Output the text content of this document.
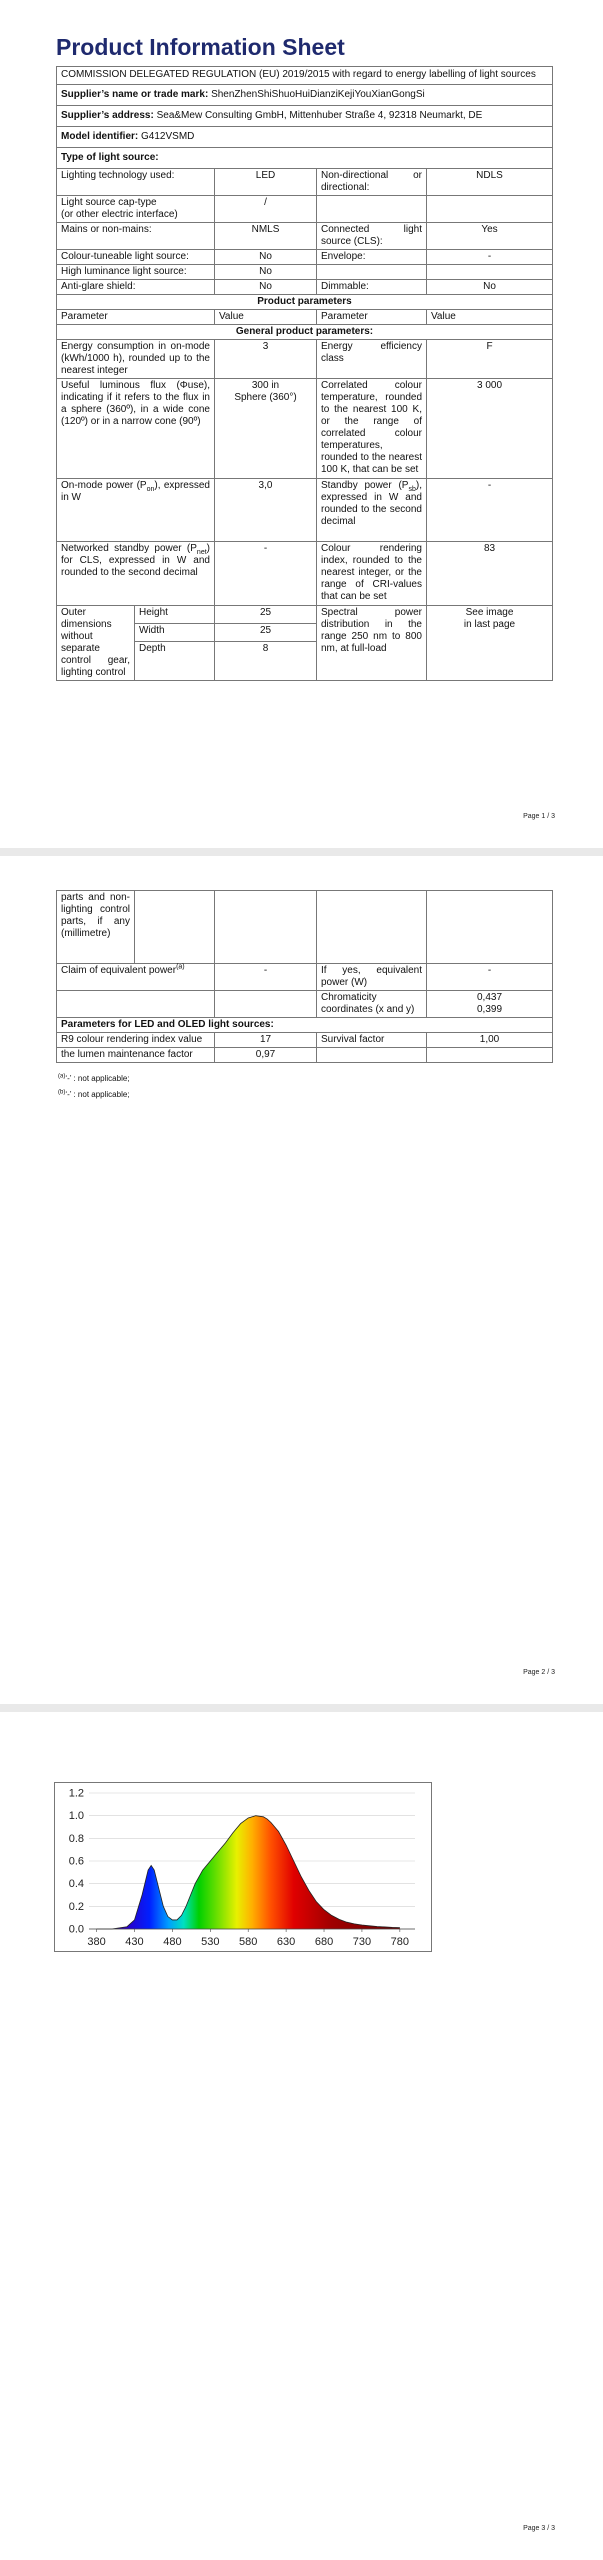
Product Information Sheet
COMMISSION DELEGATED REGULATION (EU) 2019/2015 with regard to energy labelling of light sources				
Supplier’s name or trade mark: ShenZhenShiShuoHuiDianziKejiYouXianGongSi				
Supplier’s address: Sea&Mew Consulting GmbH, Mittenhuber Straße 4, 92318 Neumarkt, DE				
Model identifier: G412VSMD				
Type of light source:				
Lighting technology used:		LED	Non-directional or directional:	NDLS

Light source cap-type
(or other electric interface)		/		
Mains or non-mains:		NMLS	Connected light source (CLS):	Yes
Colour-tuneable light source:		No	Envelope:	-
High luminance light source:		No		
Anti-glare shield:		No	Dimmable:	No
Product parameters				
Parameter		Value	Parameter	Value
General product parameters:				
Energy consumption in on-mode (kWh/1000 h), rounded up to the nearest integer		3	Energy efficiency class	F
Useful luminous flux (Φuse), indicating if it refers to the flux in a sphere (360º), in a wide cone (120º) or in a narrow cone (90º)		300 in
Sphere (360°)	Correlated colour temperature, rounded to the nearest 100 K, or the range of correlated colour temperatures, rounded to the nearest 100 K, that can be set	3 000
On-mode power $(P_{on})$, expressed in W		3,0	Standby power $(P_{sb})$, expressed in W and rounded to the second decimal	-
Networked standby power $(P_{net})$ for CLS, expressed in W and rounded to the second decimal		-	Colour rendering index, rounded to the nearest integer, or the range of CRI-values that can be set	83
Outer dimensions without separate control gear, lighting control	Height	25	Spectral power distribution in the range 250 nm to 800 nm, at full-load	See image
in last page

	Width	25		
	Depth	8		
Page 1 / 3
parts and non-lighting control parts, if any (millimetre)				
Claim of equivalent power$^{(a)}$		-	If yes, equivalent power (W)	-
			Chromaticity coordinates (x and y)	0,437
0,399

Parameters for LED and OLED light sources:				
R9 colour rendering index value		17	Survival factor	1,00
the lumen maintenance factor		0,97		
$^{(a)}$‘-’ : not applicable;
$^{(b)}$‘-’ : not applicable;
Page 2 / 3
0.0
0.2
0.4
0.6
0.8
1.0
1.2
380 430 480 530 580 630 680 730 780
Page 3 / 3
